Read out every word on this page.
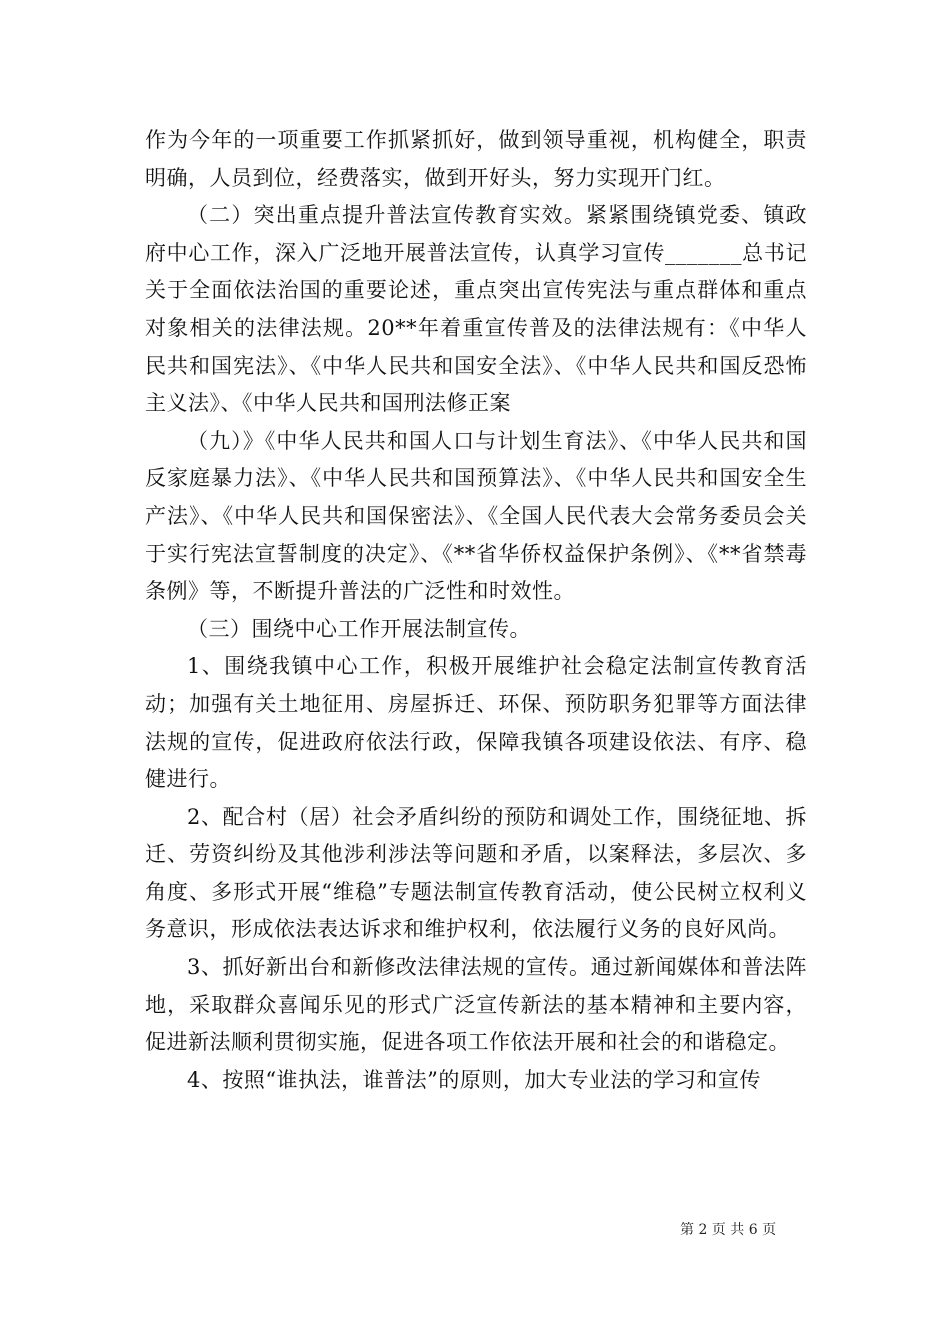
作为今年的一项重要工作抓紧抓好，做到领导重视，机构健全，职责明确，人员到位，经费落实，做到开好头，努力实现开门红。

（二）突出重点提升普法宣传教育实效。紧紧围绕镇党委、镇政府中心工作，深入广泛地开展普法宣传，认真学习宣传_______总书记关于全面依法治国的重要论述，重点突出宣传宪法与重点群体和重点对象相关的法律法规。20**年着重宣传普及的法律法规有：《中华人民共和国宪法》、《中华人民共和国安全法》、《中华人民共和国反恐怖主义法》、《中华人民共和国刑法修正案

（九）》《中华人民共和国人口与计划生育法》、《中华人民共和国反家庭暴力法》、《中华人民共和国预算法》、《中华人民共和国安全生产法》、《中华人民共和国保密法》、《全国人民代表大会常务委员会关于实行宪法宣誓制度的决定》、《**省华侨权益保护条例》、《**省禁毒条例》等，不断提升普法的广泛性和时效性。

（三）围绕中心工作开展法制宣传。

1、围绕我镇中心工作，积极开展维护社会稳定法制宣传教育活动；加强有关土地征用、房屋拆迁、环保、预防职务犯罪等方面法律法规的宣传，促进政府依法行政，保障我镇各项建设依法、有序、稳健进行。

2、配合村（居）社会矛盾纠纷的预防和调处工作，围绕征地、拆迁、劳资纠纷及其他涉利涉法等问题和矛盾，以案释法，多层次、多角度、多形式开展“维稳”专题法制宣传教育活动，使公民树立权利义务意识，形成依法表达诉求和维护权利，依法履行义务的良好风尚。

3、抓好新出台和新修改法律法规的宣传。通过新闻媒体和普法阵地，采取群众喜闻乐见的形式广泛宣传新法的基本精神和主要内容，促进新法顺利贯彻实施，促进各项工作依法开展和社会的和谐稳定。

4、按照“谁执法，谁普法”的原则，加大专业法的学习和宣传

第 2 页 共 6 页
